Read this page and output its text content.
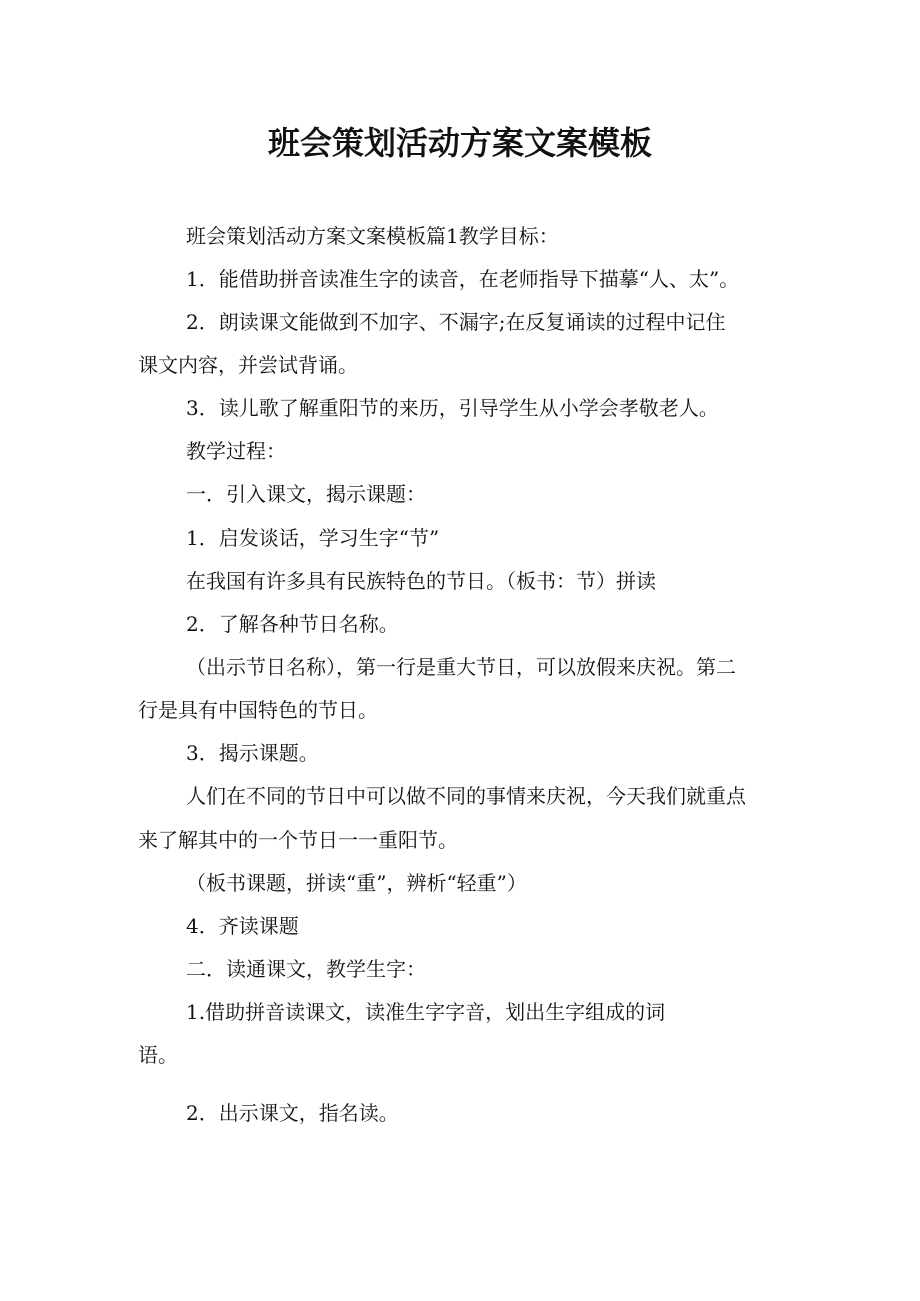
班会策划活动方案文案模板
班会策划活动方案文案模板篇1教学目标：
1．能借助拼音读准生字的读音，在老师指导下描摹“人、太”。
2．朗读课文能做到不加字、不漏字;在反复诵读的过程中记住
课文内容，并尝试背诵。
3．读儿歌了解重阳节的来历，引导学生从小学会孝敬老人。
教学过程：
一．引入课文，揭示课题：
1．启发谈话，学习生字“节”
在我国有许多具有民族特色的节日。（板书：节）拼读
2．了解各种节日名称。
（出示节日名称），第一行是重大节日，可以放假来庆祝。第二
行是具有中国特色的节日。
3．揭示课题。
人们在不同的节日中可以做不同的事情来庆祝，今天我们就重点
来了解其中的一个节日一一重阳节。
（板书课题，拼读“重”，辨析“轻重”）
4．齐读课题
二．读通课文，教学生字：
1.借助拼音读课文，读准生字字音，划出生字组成的词
语。
2．出示课文，指名读。
